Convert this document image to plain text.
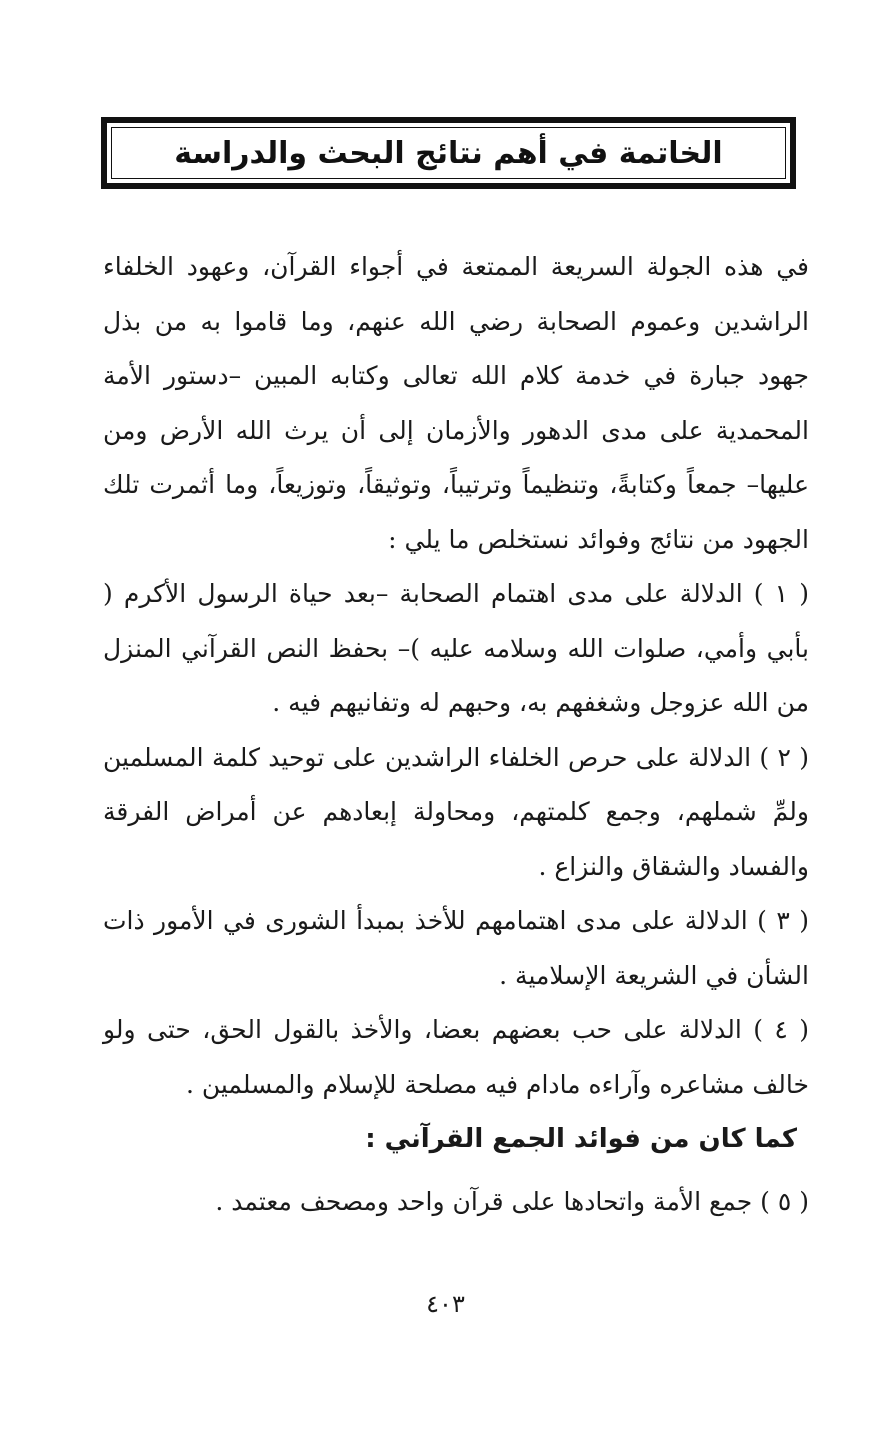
الخاتمة في أهم نتائج البحث والدراسة

في هذه الجولة السريعة الممتعة في أجواء القرآن، وعهود الخلفاء الراشدين وعموم الصحابة رضي الله عنهم، وما قاموا به من بذل جهود جبارة في خدمة كلام الله تعالى وكتابه المبين –دستور الأمة المحمدية على مدى الدهور والأزمان إلى أن يرث الله الأرض ومن عليها– جمعاً وكتابةً، وتنظيماً وترتيباً، وتوثيقاً، وتوزيعاً، وما أثمرت تلك الجهود من نتائج وفوائد نستخلص ما يلي :

( ١ ) الدلالة على مدى اهتمام الصحابة –بعد حياة الرسول الأكرم ( بأبي وأمي، صلوات الله وسلامه عليه )– بحفظ النص القرآني المنزل من الله عزوجل وشغفهم به، وحبهم له وتفانيهم فيه .

( ٢ ) الدلالة على حرص الخلفاء الراشدين على توحيد كلمة المسلمين ولمِّ شملهم، وجمع كلمتهم، ومحاولة إبعادهم عن أمراض الفرقة والفساد والشقاق والنزاع .

( ٣ ) الدلالة على مدى اهتمامهم للأخذ بمبدأ الشورى في الأمور ذات الشأن في الشريعة الإسلامية .

( ٤ ) الدلالة على حب بعضهم بعضا، والأخذ بالقول الحق، حتى ولو خالف مشاعره وآراءه مادام فيه مصلحة للإسلام والمسلمين .

كما كان من فوائد الجمع القرآني :

( ٥ ) جمع الأمة واتحادها على قرآن واحد ومصحف معتمد .

٤٠٣
